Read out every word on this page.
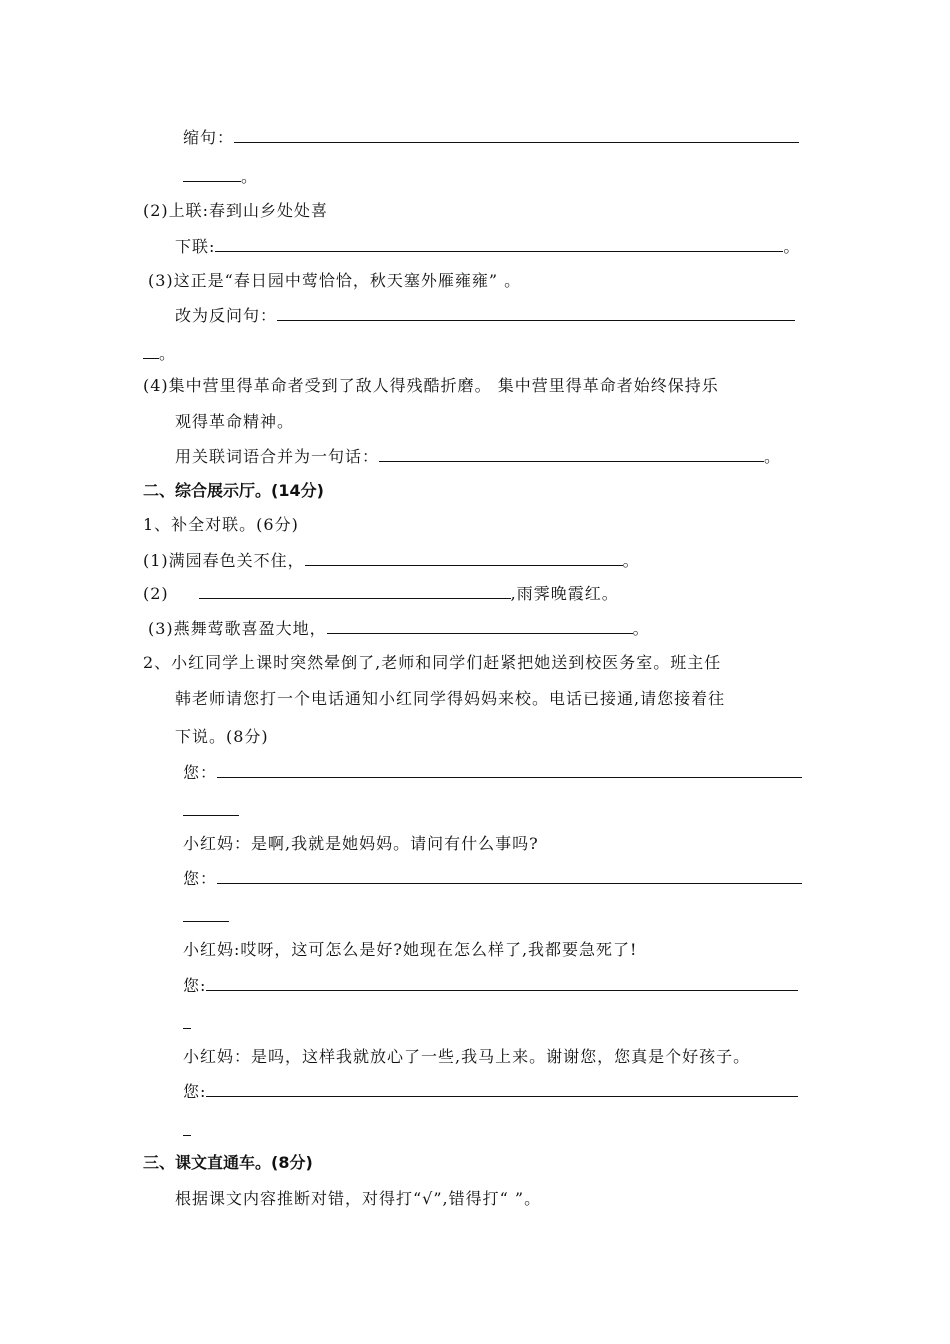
缩句：
。
(2)上联:春到山乡处处喜
下联:	。
(3)这正是“春日园中莺恰恰，秋天塞外雁雍雍” 。
改为反问句：
。
(4)集中营里得革命者受到了敌人得残酷折磨。 集中营里得革命者始终保持乐
观得革命精神。
用关联词语合并为一句话：	。
二、综合展示厅。(14分)
1、补全对联。(6分)
(1)满园春色关不住，	。
(2)	,雨霁晚霞红。
(3)燕舞莺歌喜盈大地，	。
2、小红同学上课时突然晕倒了,老师和同学们赶紧把她送到校医务室。班主任
韩老师请您打一个电话通知小红同学得妈妈来校。电话已接通,请您接着往
下说。(8分)
您：
小红妈：是啊,我就是她妈妈。请问有什么事吗?
您：
小红妈:哎呀，这可怎么是好?她现在怎么样了,我都要急死了!
您:
小红妈：是吗，这样我就放心了一些,我马上来。谢谢您，您真是个好孩子。
您:
三、课文直通车。(8分)
根据课文内容推断对错，对得打“√”,错得打“ ”。
